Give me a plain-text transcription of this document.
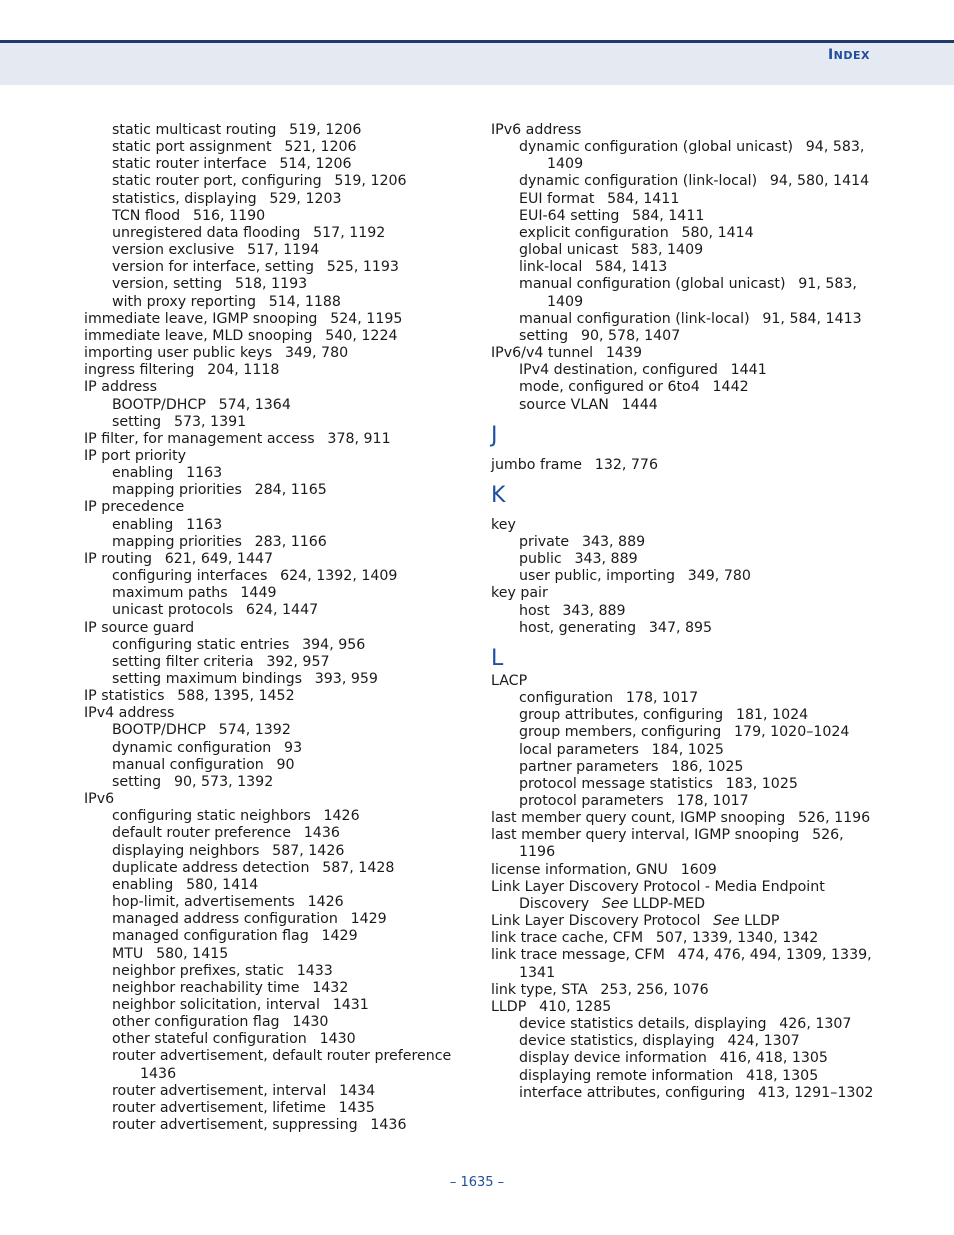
INDEX
static multicast routing 519, 1206
static port assignment 521, 1206
static router interface 514, 1206
static router port, configuring 519, 1206
statistics, displaying 529, 1203
TCN flood 516, 1190
unregistered data flooding 517, 1192
version exclusive 517, 1194
version for interface, setting 525, 1193
version, setting 518, 1193
with proxy reporting 514, 1188
immediate leave, IGMP snooping 524, 1195
immediate leave, MLD snooping 540, 1224
importing user public keys 349, 780
ingress filtering 204, 1118
IP address
BOOTP/DHCP 574, 1364
setting 573, 1391
IP filter, for management access 378, 911
IP port priority
enabling 1163
mapping priorities 284, 1165
IP precedence
enabling 1163
mapping priorities 283, 1166
IP routing 621, 649, 1447
configuring interfaces 624, 1392, 1409
maximum paths 1449
unicast protocols 624, 1447
IP source guard
configuring static entries 394, 956
setting filter criteria 392, 957
setting maximum bindings 393, 959
IP statistics 588, 1395, 1452
IPv4 address
BOOTP/DHCP 574, 1392
dynamic configuration 93
manual configuration 90
setting 90, 573, 1392
IPv6
configuring static neighbors 1426
default router preference 1436
displaying neighbors 587, 1426
duplicate address detection 587, 1428
enabling 580, 1414
hop-limit, advertisements 1426
managed address configuration 1429
managed configuration flag 1429
MTU 580, 1415
neighbor prefixes, static 1433
neighbor reachability time 1432
neighbor solicitation, interval 1431
other configuration flag 1430
other stateful configuration 1430
router advertisement, default router preference
1436
router advertisement, interval 1434
router advertisement, lifetime 1435
router advertisement, suppressing 1436
IPv6 address
dynamic configuration (global unicast) 94, 583,
1409
dynamic configuration (link-local) 94, 580, 1414
EUI format 584, 1411
EUI-64 setting 584, 1411
explicit configuration 580, 1414
global unicast 583, 1409
link-local 584, 1413
manual configuration (global unicast) 91, 583,
1409
manual configuration (link-local) 91, 584, 1413
setting 90, 578, 1407
IPv6/v4 tunnel 1439
IPv4 destination, configured 1441
mode, configured or 6to4 1442
source VLAN 1444
J
jumbo frame 132, 776
K
key
private 343, 889
public 343, 889
user public, importing 349, 780
key pair
host 343, 889
host, generating 347, 895
L
LACP
configuration 178, 1017
group attributes, configuring 181, 1024
group members, configuring 179, 1020–1024
local parameters 184, 1025
partner parameters 186, 1025
protocol message statistics 183, 1025
protocol parameters 178, 1017
last member query count, IGMP snooping 526, 1196
last member query interval, IGMP snooping 526,
1196
license information, GNU 1609
Link Layer Discovery Protocol - Media Endpoint
Discovery See LLDP-MED
Link Layer Discovery Protocol See LLDP
link trace cache, CFM 507, 1339, 1340, 1342
link trace message, CFM 474, 476, 494, 1309, 1339,
1341
link type, STA 253, 256, 1076
LLDP 410, 1285
device statistics details, displaying 426, 1307
device statistics, displaying 424, 1307
display device information 416, 418, 1305
displaying remote information 418, 1305
interface attributes, configuring 413, 1291–1302
– 1635 –
